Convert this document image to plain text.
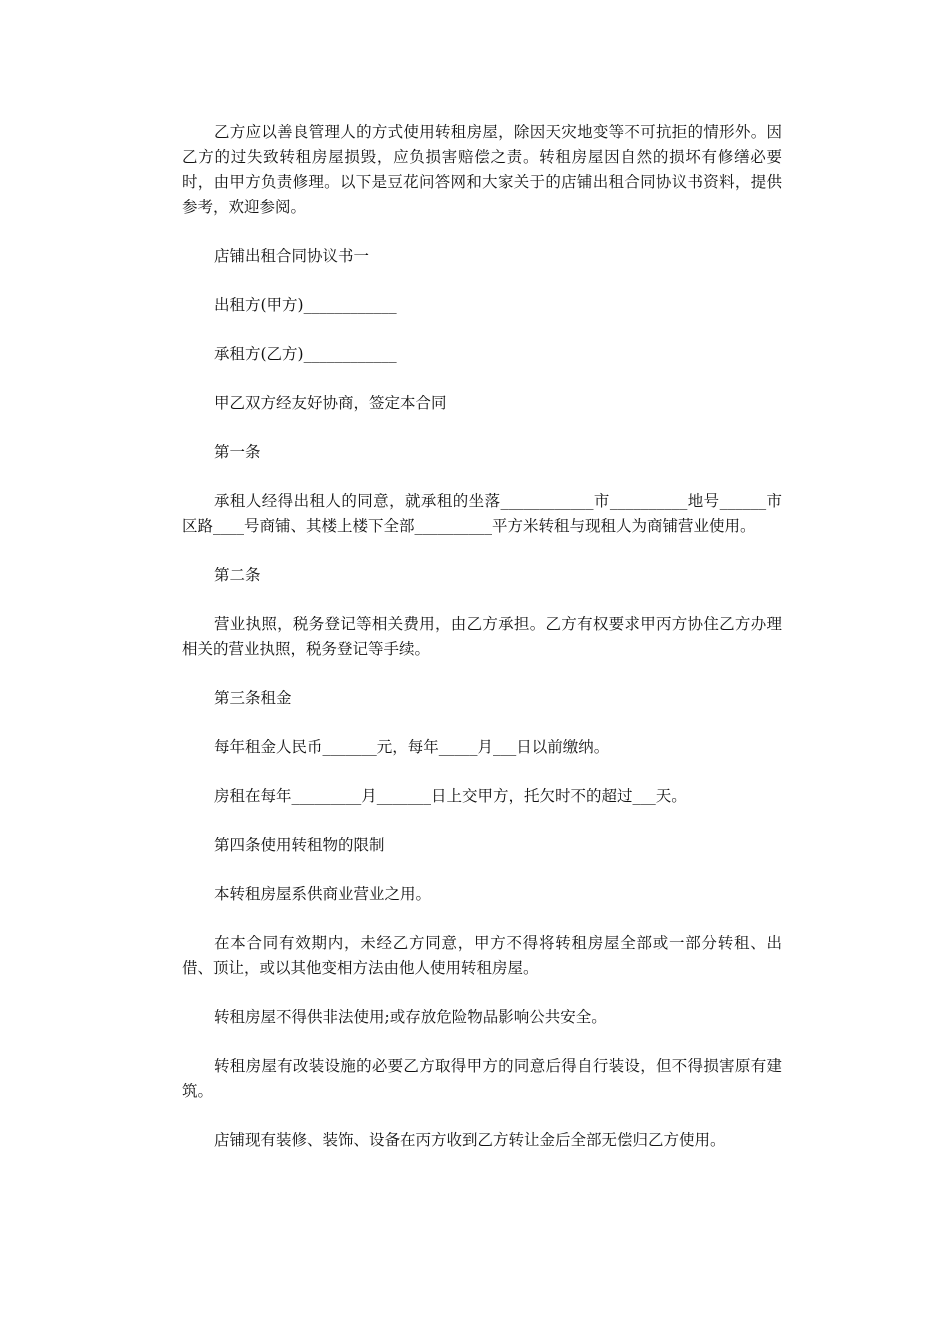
乙方应以善良管理人的方式使用转租房屋，除因天灾地变等不可抗拒的情形外。因乙方的过失致转租房屋损毁，应负损害赔偿之责。转租房屋因自然的损坏有修缮必要时，由甲方负责修理。以下是豆花问答网和大家关于的店铺出租合同协议书资料，提供参考，欢迎参阅。

店铺出租合同协议书一

出租方(甲方)____________

承租方(乙方)____________

甲乙双方经友好协商，签定本合同

第一条

承租人经得出租人的同意，就承租的坐落____________市__________地号______市区路____号商铺、其楼上楼下全部__________平方米转租与现租人为商铺营业使用。

第二条

营业执照，税务登记等相关费用，由乙方承担。乙方有权要求甲丙方协住乙方办理相关的营业执照，税务登记等手续。

第三条租金

每年租金人民币_______元，每年_____月___日以前缴纳。

房租在每年_________月_______日上交甲方，托欠时不的超过___天。

第四条使用转租物的限制

本转租房屋系供商业营业之用。

在本合同有效期内，未经乙方同意，甲方不得将转租房屋全部或一部分转租、出借、顶让，或以其他变相方法由他人使用转租房屋。

转租房屋不得供非法使用;或存放危险物品影响公共安全。

转租房屋有改装设施的必要乙方取得甲方的同意后得自行装设，但不得损害原有建筑。

店铺现有装修、装饰、设备在丙方收到乙方转让金后全部无偿归乙方使用。
